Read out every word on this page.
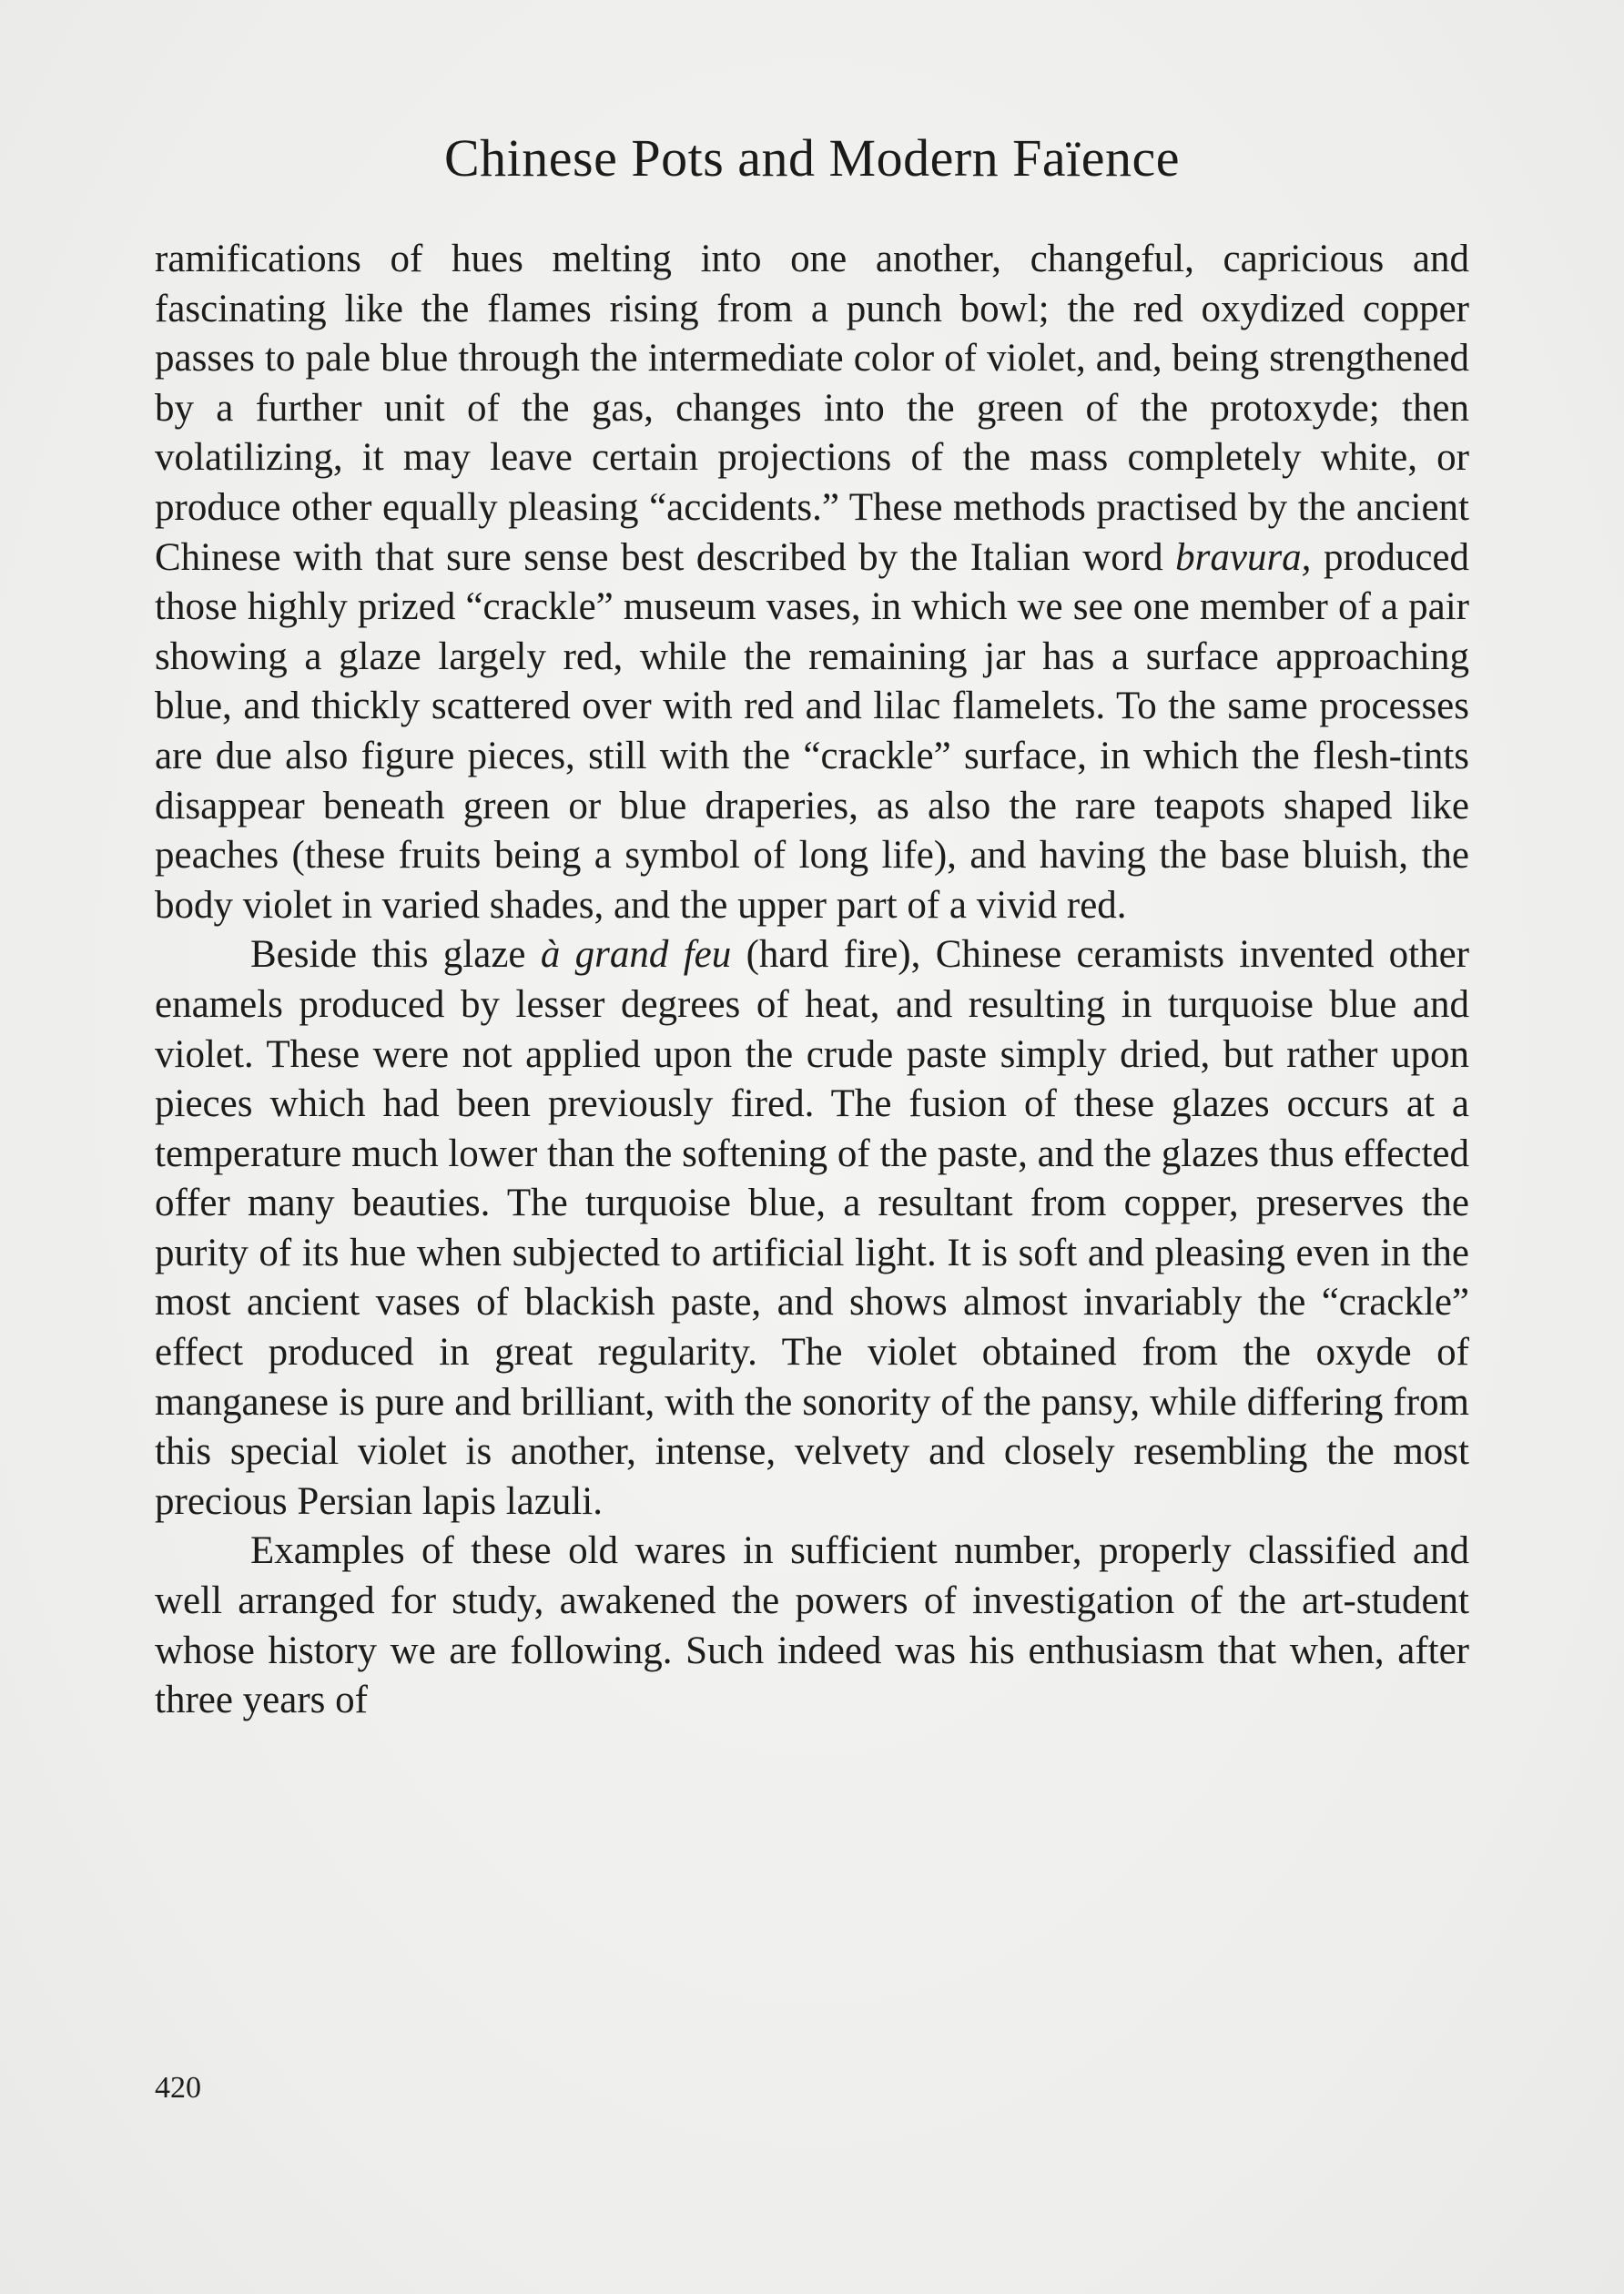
Chinese Pots and Modern Faïence

ramifications of hues melting into one another, changeful, capricious and fascinating like the flames rising from a punch bowl; the red oxydized copper passes to pale blue through the intermediate color of violet, and, being strengthened by a further unit of the gas, changes into the green of the protoxyde; then volatilizing, it may leave certain projections of the mass completely white, or produce other equally pleasing “accidents.” These methods practised by the ancient Chinese with that sure sense best described by the Italian word bravura, produced those highly prized “crackle” museum vases, in which we see one member of a pair showing a glaze largely red, while the remaining jar has a surface approaching blue, and thickly scattered over with red and lilac flamelets. To the same processes are due also figure pieces, still with the “crackle” surface, in which the flesh-tints disappear beneath green or blue draperies, as also the rare teapots shaped like peaches (these fruits being a symbol of long life), and having the base bluish, the body violet in varied shades, and the upper part of a vivid red.

Beside this glaze à grand feu (hard fire), Chinese ceramists invented other enamels produced by lesser degrees of heat, and resulting in turquoise blue and violet. These were not applied upon the crude paste simply dried, but rather upon pieces which had been previously fired. The fusion of these glazes occurs at a temperature much lower than the softening of the paste, and the glazes thus effected offer many beauties. The turquoise blue, a resultant from copper, preserves the purity of its hue when subjected to artificial light. It is soft and pleasing even in the most ancient vases of blackish paste, and shows almost invariably the “crackle” effect produced in great regularity. The violet obtained from the oxyde of manganese is pure and brilliant, with the sonority of the pansy, while differing from this special violet is another, intense, velvety and closely resembling the most precious Persian lapis lazuli.

Examples of these old wares in sufficient number, properly classified and well arranged for study, awakened the powers of investigation of the art-student whose history we are following. Such indeed was his enthusiasm that when, after three years of

420
